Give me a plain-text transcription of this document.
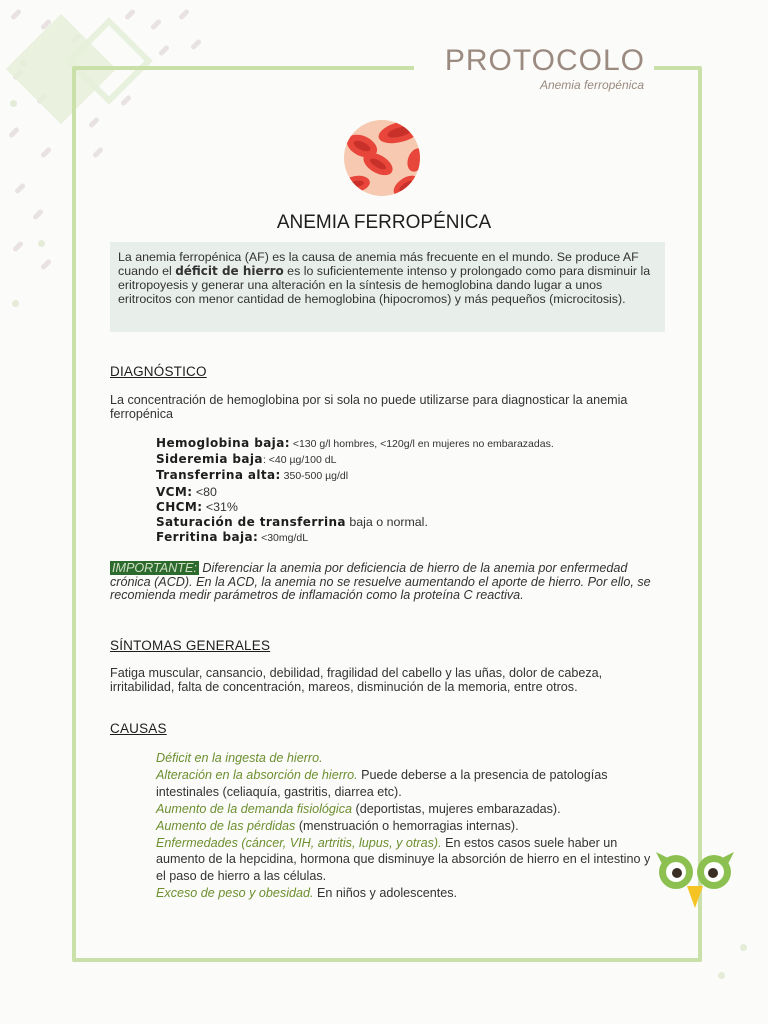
PROTOCOLO
Anemia ferropénica
ANEMIA FERROPÉNICA
La anemia ferropénica (AF) es la causa de anemia más frecuente en el mundo. Se produce AF cuando el déficit de hierro es lo suficientemente intenso y prolongado como para disminuir la eritropoyesis y generar una alteración en la síntesis de hemoglobina dando lugar a unos eritrocitos con menor cantidad de hemoglobina (hipocromos) y más pequeños (microcitosis).
DIAGNÓSTICO
La concentración de hemoglobina por si sola no puede utilizarse para diagnosticar la anemia ferropénica
Hemoglobina baja: <130 g/l hombres, <120g/l en mujeres no embarazadas.
Sideremia baja: <40 µg/100 dL
Transferrina alta: 350-500 µg/dl
VCM: <80
CHCM: <31%
Saturación de transferrina baja o normal.
Ferritina baja: <30mg/dL
IMPORTANTE: Diferenciar la anemia por deficiencia de hierro de la anemia por enfermedad crónica (ACD). En la ACD, la anemia no se resuelve aumentando el aporte de hierro. Por ello, se recomienda medir parámetros de inflamación como la proteína C reactiva.
SÍNTOMAS GENERALES
Fatiga muscular, cansancio, debilidad, fragilidad del cabello y las uñas, dolor de cabeza, irritabilidad, falta de concentración, mareos, disminución de la memoria, entre otros.
CAUSAS
Déficit en la ingesta de hierro.
Alteración en la absorción de hierro. Puede deberse a la presencia de patologías intestinales (celiaquía, gastritis, diarrea etc).
Aumento de la demanda fisiológica (deportistas, mujeres embarazadas).
Aumento de las pérdidas (menstruación o hemorragias internas).
Enfermedades (cáncer, VIH, artritis, lupus, y otras). En estos casos suele haber un aumento de la hepcidina, hormona que disminuye la absorción de hierro en el intestino y el paso de hierro a las células.
Exceso de peso y obesidad. En niños y adolescentes.
